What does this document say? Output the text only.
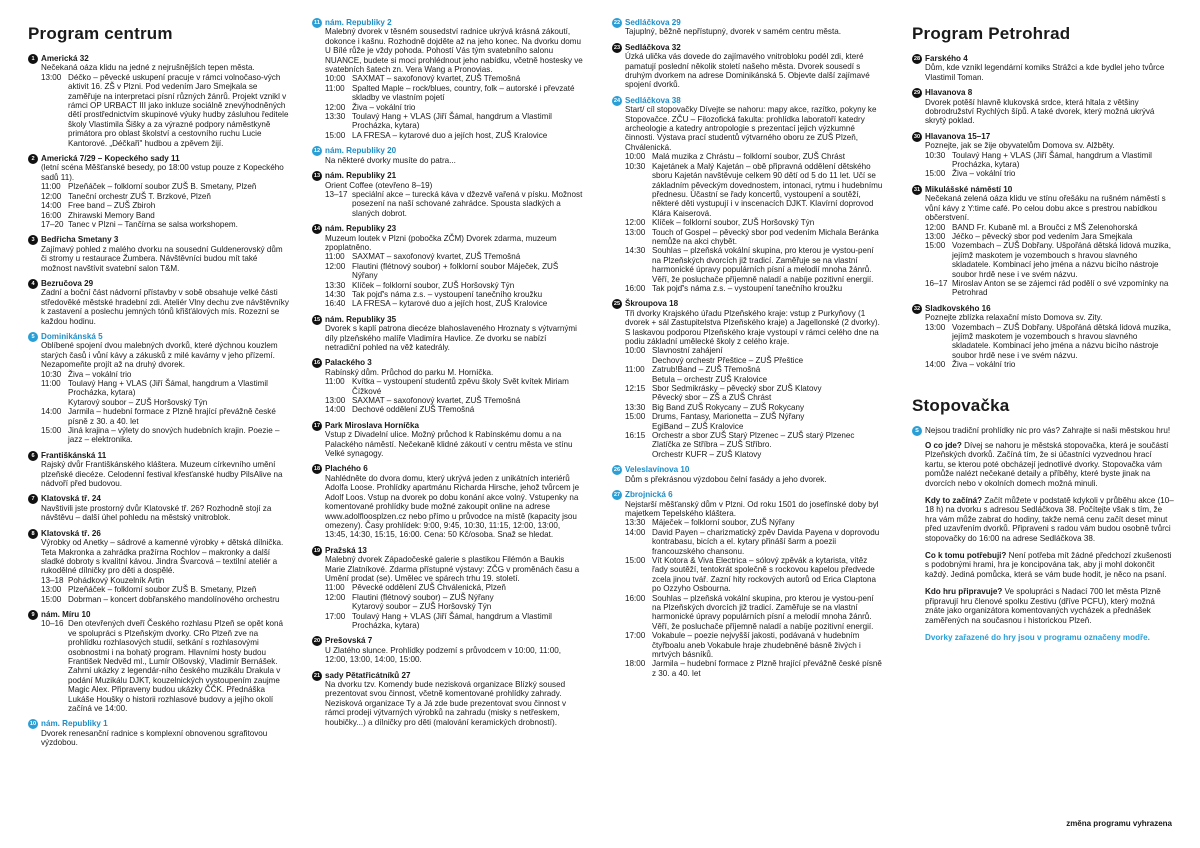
Program centrum
1 Americká 32
Nečekaná oáza klidu na jedné z nejrušnějších tepen města.
13:00 Déčko – pěvecké uskupení pracuje v rámci volnočaso-vých aktivit 16. ZŠ v Plzni. Pod vedením Jaro Smejkala se zaměřuje na interpretaci písní různých žánrů. Projekt vznikl v rámci OP URBACT III jako inkluze sociálně znevýhodněných dětí prostřednictvím skupinové výuky hudby zásluhou ředitele školy Vlastimila Šišky a za výrazné podpory náměstkyně primátora pro oblast školství a cestovního ruchu Lucie Kantorové. „Déčkaři" hudbou a zpěvem žijí.
2 Americká 7/29 – Kopeckého sady 11
(letní scéna Měšťanské besedy, po 18:00 vstup pouze z Kopeckého sadů 11).
11:00 Plzeňáček – folklorní soubor ZUŠ B. Smetany, Plzeň
12:00 Taneční orchestr ZUŠ T. Brzkové, Plzeň
14:00 Free band – ZUŠ Zbiroh
16:00 Zhirawski Memory Band
17–20 Tanec v Plzni – Tančírna se salsa workshopem.
3 Bedřicha Smetany 3
Zajímavý pohled z malého dvorku na sousední Guldenerovský dům či stromy u restaurace Žumbera. Návštěvníci budou mít také možnost navštívit svatební salon T&M.
4 Bezručova 29
Zadní a boční část nádvorní přístavby v sobě obsahuje velké části středověké městské hradební zdi. Ateliér Vlny dechu zve návštěvníky k zastavení a poslechu jemných tónů křišťálových mís. Rozezní se každou hodinu.
5 Dominikánská 5
Oblíbené spojení dvou malebných dvorků, které dýchnou kouzlem starých časů i vůní kávy a zákusků z milé kavárny v jeho přízemí. Nezapomeňte projít až na druhý dvorek.
10:30 Živa – vokální trio
11:00 Toulavý Hang + VLAS (Jiří Šámal, hangdrum a Vlastimil Procházka, kytara)
Kytarový soubor – ZUŠ Horšovský Týn
14:00 Jarmila – hudební formace z Plzně hrající převážně české písně z 30. a 40. let
15:00 Jiná krajina – výlety do snových hudebních krajin. Poezie – jazz – elektronika.
6 Františkánská 11
Rajský dvůr Františkánského kláštera. Muzeum církevního umění plzeňské diecéze. Celodenní festival křesťanské hudby PilsAlive na nádvoří před budovou.
7 Klatovská tř. 24
Navštivili jste prostorný dvůr Klatovské tř. 26? Rozhodně stojí za návštěvu – další úhel pohledu na městský vnitroblok.
8 Klatovská tř. 26
Výrobky od Anetky – sádrové a kamenné výrobky + dětská dílnička. Teta Makronka a zahrádka pražírna Rochlov – makronky a další sladké dobroty s kvalitní kávou. Jindra Švarcová – textilní ateliér a rukodělné dílničky pro děti a dospělé.
13–18 Pohádkový Kouzelník Artin
13:00 Plzeňáček – folklorní soubor ZUŠ B. Smetany, Plzeň
15:00 Dobrman – koncert dobřanského mandolínového orchestru
9 nám. Míru 10
10–16 Den otevřených dveří Českého rozhlasu Plzeň se opět koná ve spolupráci s Plzeňským dvorky. CRo Plzeň zve na prohlídku rozhlasových studií, setkání s rozhlasovými osobnostmi i na bohatý program. Hlavními hosty budou František Nedvěd ml., Lumír Olšovský, Vladimír Bernášek. Zahrní ukázky z legendár-ního českého muzikálu Drakula v podání Muzikálu DJKT, kouzelnických vystoupením zaujme Magic Alex. Připraveny budou ukázky ČČK. Přednáška Lukáše Houšky o historii rozhlasové budovy a jejího okolí začíná ve 14:00.
10 nám. Republiky 1
Dvorek renesanční radnice s komplexní obnovenou sgrafitovou výzdobou.
11 nám. Republiky 2
Malebný dvorek v těsném sousedství radnice ukrývá krásná zákoutí, dokonce i kašnu. Rozhodně dojděte až na jeho konec. Na dvorku domu U Bílé růže je vždy pohoda. Pohostí Vás tým svatebního salonu NUANCE, budete si moci prohlédnout jeho nabídku, včetně hostesky ve svatebních šatech zn. Vera Wang a Pronovias.
10:00 SAXMAT – saxofonový kvartet, ZUŠ Třemošná
11:00 Spalted Maple – rock/blues, country, folk – autorské i převzaté skladby ve vlastním pojetí
12:00 Živa – vokální trio
13:30 Toulavý Hang + VLAS (Jiří Šámal, hangdrum a Vlastimil Procházka, kytara)
15:00 LA FRESA – kytarové duo a jejích host, ZUŠ Kralovice
12 nám. Republiky 20
Na některé dvorky musíte do patra...
13 nám. Republiky 21
Orient Coffee (otevřeno 8–19)
13–17 speciální akce – turecká káva v džezvě vařená v písku. Možnost posezení na naší schované zahrádce. Spousta sladkých a slaných dobrot.
14 nám. Republiky 23
Muzeum loutek v Plzni (pobočka ZČM) Dvorek zdarma, muzeum zpoplatněno.
11:00 SAXMAT – saxofonový kvartet, ZUŠ Třemošná
12:00 Flautini (flétnový soubor) + folklorní soubor Máječek, ZUŠ Nýřany
13:30 Klíček – folklorní soubor, ZUŠ Horšovský Týn
14:30 Tak pojď's námа z.s. – vystoupení tanečního kroužku
16:40 LA FRESA – kytarové duo a jejích host, ZUŠ Kralovice
15 nám. Republiky 35
Dvorek s kaplí patrona diecéze blahoslaveného Hroznaty s výtvarnými díly plzeňského malíře Vladimíra Havlice. Ze dvorku se nabízí netradiční pohled na věž katedrály.
16 Palackého 3
Rabínský dům. Průchod do parku M. Horníčka.
11:00 Kvítka – vystoupení studentů zpěvu školy Svět kvítek Miriam Čížkové
13:00 SAXMAT – saxofonový kvartet, ZUŠ Třemošná
14:00 Dechové oddělení ZUŠ Třemošná
17 Park Miroslava Horníčka
Vstup z Divadelní ulice. Možný průchod k Rabínskému domu a na Palackého náměstí. Nečekaně klidné zákoutí v centru města ve stínu Velké synagogy.
18 Plachého 6
Nahlédněte do dvora domu, který ukrývá jeden z unikátních interiérů Adolfa Loose. Prohlídky apartmánu Richarda Hirsche, jehož tvůrcem je Adolf Loos. Vstup na dvorek po dobu konání akce volný. Vstupenky na komentované prohlídky bude možné zakoupit online na adrese www.adolfloosplzen.cz nebo přímo u průvodce na místě (kapacity jsou omezeny). Časy prohlídek: 9:00, 9:45, 10:30, 11:15, 12:00, 13:00, 13:45, 14:30, 15:15, 16:00. Cena: 50 Kč/osoba. Snaž se hledat.
19 Pražská 13
Malebný dvorek Západočeské galerie s plastikou Filémón a Baukis Marie Zlatníkové. Zdarma přístupné výstavy: ZČG v proměnách času a Umění prodat (se). Umělec ve spárech trhu 19. století.
11:00 Pěvecké oddělení ZUŠ Chválenická, Plzeň
12:00 Flautini (flétnový soubor) – ZUŠ Nýřany
Kytarový soubor – ZUŠ Horšovský Týn
17:00 Toulavý Hang + VLAS (Jiří Šámal, hangdrum a Vlastimil Procházka, kytara)
20 Prešovská 7
U Zlatého slunce. Prohlídky podzemí s průvodcem v 10:00, 11:00, 12:00, 13:00, 14:00, 15:00.
21 sady Pětatřicátníků 27
Na dvorku tzv. Komendy bude nezisková organizace Blízký soused prezentovat svou činnost, včetně komentované prohlídky zahrady. Nezisková organizace Ty a Já zde bude prezentovat svou činnost v rámci prodeji výtvarných výrobků na zahradu (misky s netřeskem, houbičky...) a dílničky pro děti (malování keramických drobností).
22 Sedláčkova 29
Tajuplný, běžně nepřístupný, dvorek v samém centru města.
23 Sedláčkova 32
Úzká ulička vás dovede do zajímavého vnitrobloku podél zdi, které pamatují poslední několik století našeho města. Dvorek sousedí s druhým dvorkem na adrese Dominikánská 5. Objevte další zajímavé spojení dvorků.
24 Sedláčkova 38
Start/ cíl stopovačky Dívejte se nahoru: mapy akce, razítko, pokyny ke Stopovačce. ZČU – Filozofická fakulta: prohlídka laboratoří katedry archeologie a katedry antropologie s prezentací jejich výzkumné činnosti. Výstava prací studentů výtvarného oboru ze ZUŠ Plzeň, Chválenická.
10:00 Malá muzika z Chrástu – folklorní soubor, ZUŠ Chrást
10:30 Kajetánek a Malý Kajetán – obě připravná oddělení dětského sboru Kajetán navštěvuje celkem 90 dětí od 5 do 11 let. Učí se základním pěveckým dovednostem, intonaci, rytmu i hudebnímu přednesu. Účastní se řady koncertů, vystoupení a soutěží, některé děti vystupují i v inscenacích DJKT. Klavírní doprovod Klára Kaiserová.
12:00 Klíček – folklorní soubor, ZUŠ Horšovský Týn
13:00 Touch of Gospel – pěvecký sbor pod vedením Michala Beránka nemůže na akci chybět.
14:30 Souhlas – plzeňská vokální skupina, pro kterou je vystou-pení na Plzeňských dvorcích již tradicí. Zaměřuje se na vlastní harmonické úpravy populárních písní a melodií mnoha žánrů. Věří, že posluchače příjemně naladí a nabíje pozitivní energií.
16:00 Tak pojď's námа z.s. – vystoupení tanečního kroužku
25 Škroupova 18
Tři dvorky Krajského úřadu Plzeňského kraje: vstup z Purkyňovy (1 dvorek + sál Zastupitelstva Plzeňského kraje) a Jagellonské (2 dvorky). S laskavou podporou Plzeňského kraje vystoupí v rámci celého dne na podiu základní umělecké školy z celého kraje.
10:00 Slavnostní zahájení
Dechový orchestr Přeštice – ZUŠ Přeštice
11:00 Zatrub!Band – ZUŠ Třemošná
Betula – orchestr ZUŠ Kralovice
12:15 Sbor Sedmikrásky – pěvecký sbor ZUŠ Klatovy
Pěvecký sbor – ZŠ a ZUŠ Chrást
13:30 Big Band ZUŠ Rokycany – ZUŠ Rokycany
15:00 Drums, Fantasy, Marionetta – ZUŠ Nýřany
EgiBand – ZUŠ Kralovice
16:15 Orchestr a sbor ZUŠ Starý Plzenec – ZUŠ starý Plzenec
Zlatíčka ze Stříbra – ZUŠ Stříbro.
Orchestr KUFR – ZUŠ Klatovy
26 Veleslavínova 10
Dům s překrásnou výzdobou čelní fasády a jeho dvorek.
27 Zbrojnická 6
Nejstarší měšťanský dům v Plzni. Od roku 1501 do josefínské doby byl majetkem Tepelského kláštera.
13:30 Máječek – folklorní soubor, ZUŠ Nýřany
14:00 David Payen – charizmatický zpěv Davida Payena v doprovodu kontrabasu, bicích a el. kytary přináší šarm a poezii francouzského chansonu.
15:00 Vít Kotora & Viva Electrica – sólový zpěvák a kytarista, vítěz řady soutěží, tentokrát společně s rockovou kapelou předvede zcela jinou tvář. Zazní hity rockových autorů od Erica Claptona po Ozzyho Osbourna.
16:00 Souhlas – plzeňská vokální skupina, pro kterou je vystou-pení na Plzeňských dvorcích již tradicí. Zaměřuje se na vlastní harmonické úpravy populárních písní a melodií mnoha žánrů. Věří, že posluchače příjemně naladí a nabíje pozitivní energií.
17:00 Vokabule – poezie nejvyšší jakosti, podávaná v hudebním čtyřboalu aneb Vokabule hraje zhudebněné básně živých i mrtvých básníků.
18:00 Jarmila – hudební formace z Plzně hrající převážně české písně z 30. a 40. let
Program Petrohrad
28 Farského 4
Dům, kde vznikl legendární komiks Strážci a kde bydlel jeho tvůrce Vlastimil Toman.
29 Hlavanova 8
Dvorek potěší hlavně klukovská srdce, která hltala z většiny dobrodružství Rychlých šípů. A také dvorek, který možná ukrývá skrytý poklad.
30 Hlavanova 15–17
Poznejte, jak se žije obyvatelům Domova sv. Alžběty.
10:30 Toulavý Hang + VLAS (Jiří Šámal, hangdrum a Vlastimil Procházka, kytara)
15:00 Živa – vokální trio
31 Mikulášské náměstí 10
Nečekaná zelená oáza klidu ve stínu ořešáku na rušném náměstí s vůní kávy z Y:time café. Po celou dobu akce s prestrou nabídkou občerstvení.
12:00 BAND Fr. Kubaně ml. a Broučci z MŠ Zelenohorská
13:00 Jéčko – pěvecký sbor pod vedením Jara Smejkala
15:00 Vozembach – ZUŠ Dobřany. Ušpořáná dětská lidová muzika, jejímž maskotem je vozembouch s hravou slavného skladatele. Kombinací jeho jména a názvu bicího nástroje soubor hrdě nese i ve svém názvu.
16–17 Miroslav Anton se se zájemci rád podělí o své vzpomínky na Petrohrad
32 Sladkovského 16
Poznejte zblízka relaxační místo Domova sv. Zity.
13:00 Vozembach – ZUŠ Dobřany. Ušpořáná dětská lidová muzika, jejímž maskotem je vozembouch s hravou slavného skladatele. Kombinací jeho jména a názvu bicího nástroje soubor hrdě nese i ve svém názvu.
14:00 Živa – vokální trio
Stopovačka
S Nejsou tradiční prohlídky nic pro vás? Zahrajte si naši městskou hru!

O co jde? Dívej se nahoru je městská stopovačka, která je součástí Plzeňských dvorků. Začíná tím, že si účastníci vyzvednou hrací kartu, se kterou poté obcházejí jednotlivé dvorky. Stopovačka vám pomůže nalézt nečekané detaily a příběhy, které byste jinak na dvorcích nebo v okolních domech možná minuli.

Kdy to začíná? Začít můžete v podstatě kdykoli v průběhu akce (10–18 h) na dvorku s adresou Sedláčkova 38. Počítejte však s tím, že hra vám může zabrat do hodiny, takže nemá cenu začít deset minut před uzavřením dvorků. Připraveni s radou vám budou osobně tvůrci stopovačky do 16:00 na adrese Sedláčkova 38.

Co k tomu potřebuji? Není potřeba mít žádné předchozí zkušenosti s podobnými hrami, hra je koncipována tak, aby ji mohl dokončit každý. Jediná pomůcka, která se vám bude hodit, je něco na psaní.

Kdo hru připravuje? Ve spolupráci s Nadací 700 let města Plzně připravují hru členové spolku Zestivu (dříve PCFU), který možná znáte jako organizátora komentovaných vycházek a přednášek zaměřených na současnou i historickou Plzeň.

Dvorky zařazené do hry jsou v programu označeny modře.
změna programu vyhrazena
